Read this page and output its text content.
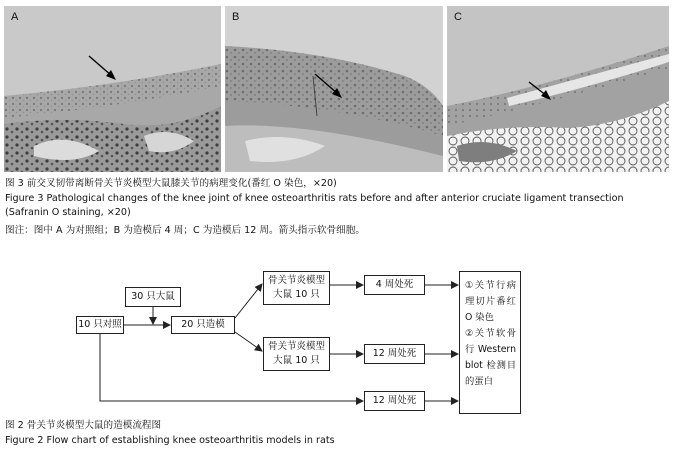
A	B	C
图 3 前交叉韧带离断骨关节炎模型大鼠膝关节的病理变化(番红 O 染色，×20)
Figure 3 Pathological changes of the knee joint of knee osteoarthritis rats before and after anterior cruciate ligament transection (Safranin O staining, ×20)
图注：图中 A 为对照组；B 为造模后 4 周；C 为造模后 12 周。箭头指示软骨细胞。
30 只大鼠
10 只对照	20 只造模
骨关节炎模型
大鼠 10 只
骨关节炎模型
大鼠 10 只
4 周处死
12 周处死
12 周处死
①关节行病理切片番红 O 染色
②关节软骨行 Western blot 检测目的蛋白
图 2 骨关节炎模型大鼠的造模流程图
Figure 2 Flow chart of establishing knee osteoarthritis models in rats
